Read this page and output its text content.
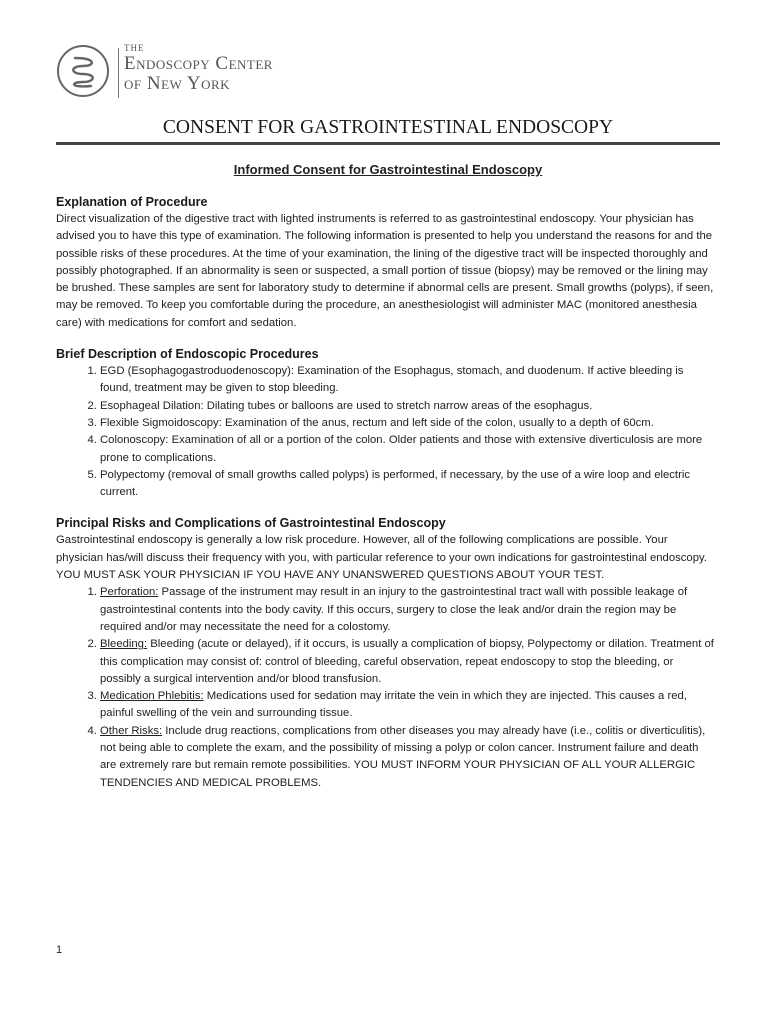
THE
Endoscopy Center
of New York
CONSENT FOR GASTROINTESTINAL ENDOSCOPY
Informed Consent for Gastrointestinal Endoscopy
Explanation of Procedure

Direct visualization of the digestive tract with lighted instruments is referred to as gastrointestinal endoscopy. Your physician has advised you to have this type of examination. The following information is presented to help you understand the reasons for and the possible risks of these procedures. At the time of your examination, the lining of the digestive tract will be inspected thoroughly and possibly photographed. If an abnormality is seen or suspected, a small portion of tissue (biopsy) may be removed or the lining may be brushed. These samples are sent for laboratory study to determine if abnormal cells are present. Small growths (polyps), if seen, may be removed. To keep you comfortable during the procedure, an anesthesiologist will administer MAC (monitored anesthesia care) with medications for comfort and sedation.

Brief Description of Endoscopic Procedures
1. EGD (Esophagogastroduodenoscopy): Examination of the Esophagus, stomach, and duodenum. If active bleeding is found, treatment may be given to stop bleeding.
2. Esophageal Dilation: Dilating tubes or balloons are used to stretch narrow areas of the esophagus.
3. Flexible Sigmoidoscopy: Examination of the anus, rectum and left side of the colon, usually to a depth of 60cm.
4. Colonoscopy: Examination of all or a portion of the colon. Older patients and those with extensive diverticulosis are more prone to complications.
5. Polypectomy (removal of small growths called polyps) is performed, if necessary, by the use of a wire loop and electric current.
Principal Risks and Complications of Gastrointestinal Endoscopy

Gastrointestinal endoscopy is generally a low risk procedure. However, all of the following complications are possible. Your physician has/will discuss their frequency with you, with particular reference to your own indications for gastrointestinal endoscopy. YOU MUST ASK YOUR PHYSICIAN IF YOU HAVE ANY UNANSWERED QUESTIONS ABOUT YOUR TEST.

1. Perforation: Passage of the instrument may result in an injury to the gastrointestinal tract wall with possible leakage of gastrointestinal contents into the body cavity. If this occurs, surgery to close the leak and/or drain the region may be required and/or may necessitate the need for a colostomy.
2. Bleeding: Bleeding (acute or delayed), if it occurs, is usually a complication of biopsy, Polypectomy or dilation. Treatment of this complication may consist of: control of bleeding, careful observation, repeat endoscopy to stop the bleeding, or possibly a surgical intervention and/or blood transfusion.
3. Medication Phlebitis: Medications used for sedation may irritate the vein in which they are injected. This causes a red, painful swelling of the vein and surrounding tissue.
4. Other Risks: Include drug reactions, complications from other diseases you may already have (i.e., colitis or diverticulitis), not being able to complete the exam, and the possibility of missing a polyp or colon cancer. Instrument failure and death are extremely rare but remain remote possibilities. YOU MUST INFORM YOUR PHYSICIAN OF ALL YOUR ALLERGIC TENDENCIES AND MEDICAL PROBLEMS.
1
